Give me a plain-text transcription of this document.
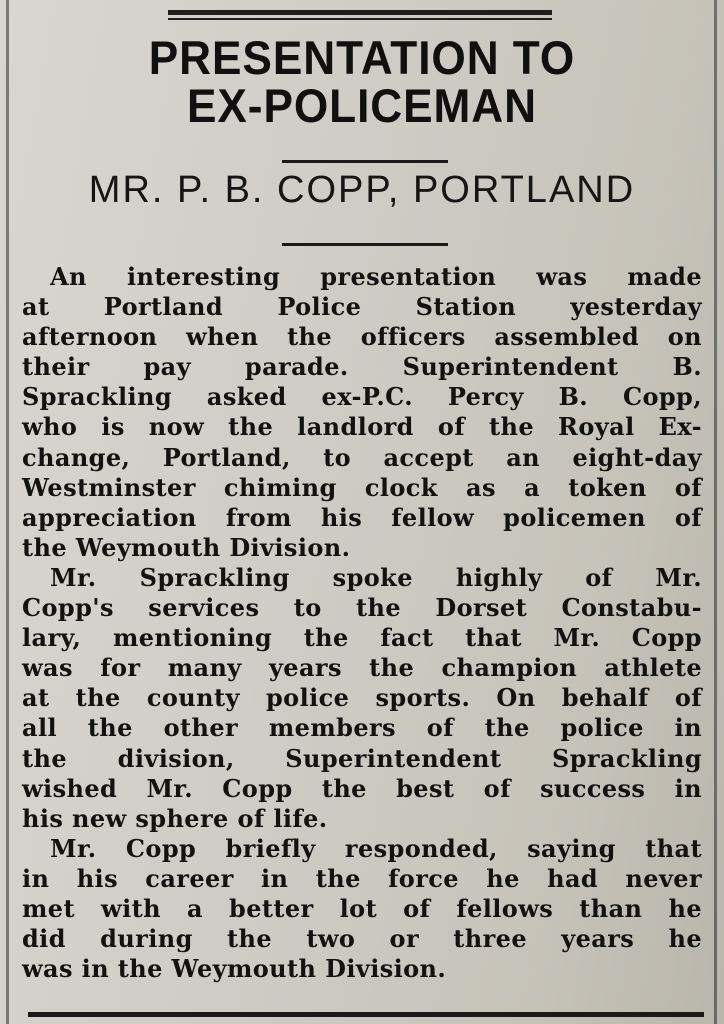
PRESENTATION TO
EX-POLICEMAN
MR. P. B. COPP, PORTLAND
An interesting presentation was made
at Portland Police Station yesterday
afternoon when the officers assembled on
their pay parade. Superintendent B.
Sprackling asked ex-P.C. Percy B. Copp,
who is now the landlord of the Royal Ex-
change, Portland, to accept an eight-day
Westminster chiming clock as a token of
appreciation from his fellow policemen of
the Weymouth Division.
Mr. Sprackling spoke highly of Mr.
Copp's services to the Dorset Constabu-
lary, mentioning the fact that Mr. Copp
was for many years the champion athlete
at the county police sports. On behalf of
all the other members of the police in
the division, Superintendent Sprackling
wished Mr. Copp the best of success in
his new sphere of life.
Mr. Copp briefly responded, saying that
in his career in the force he had never
met with a better lot of fellows than he
did during the two or three years he
was in the Weymouth Division.
